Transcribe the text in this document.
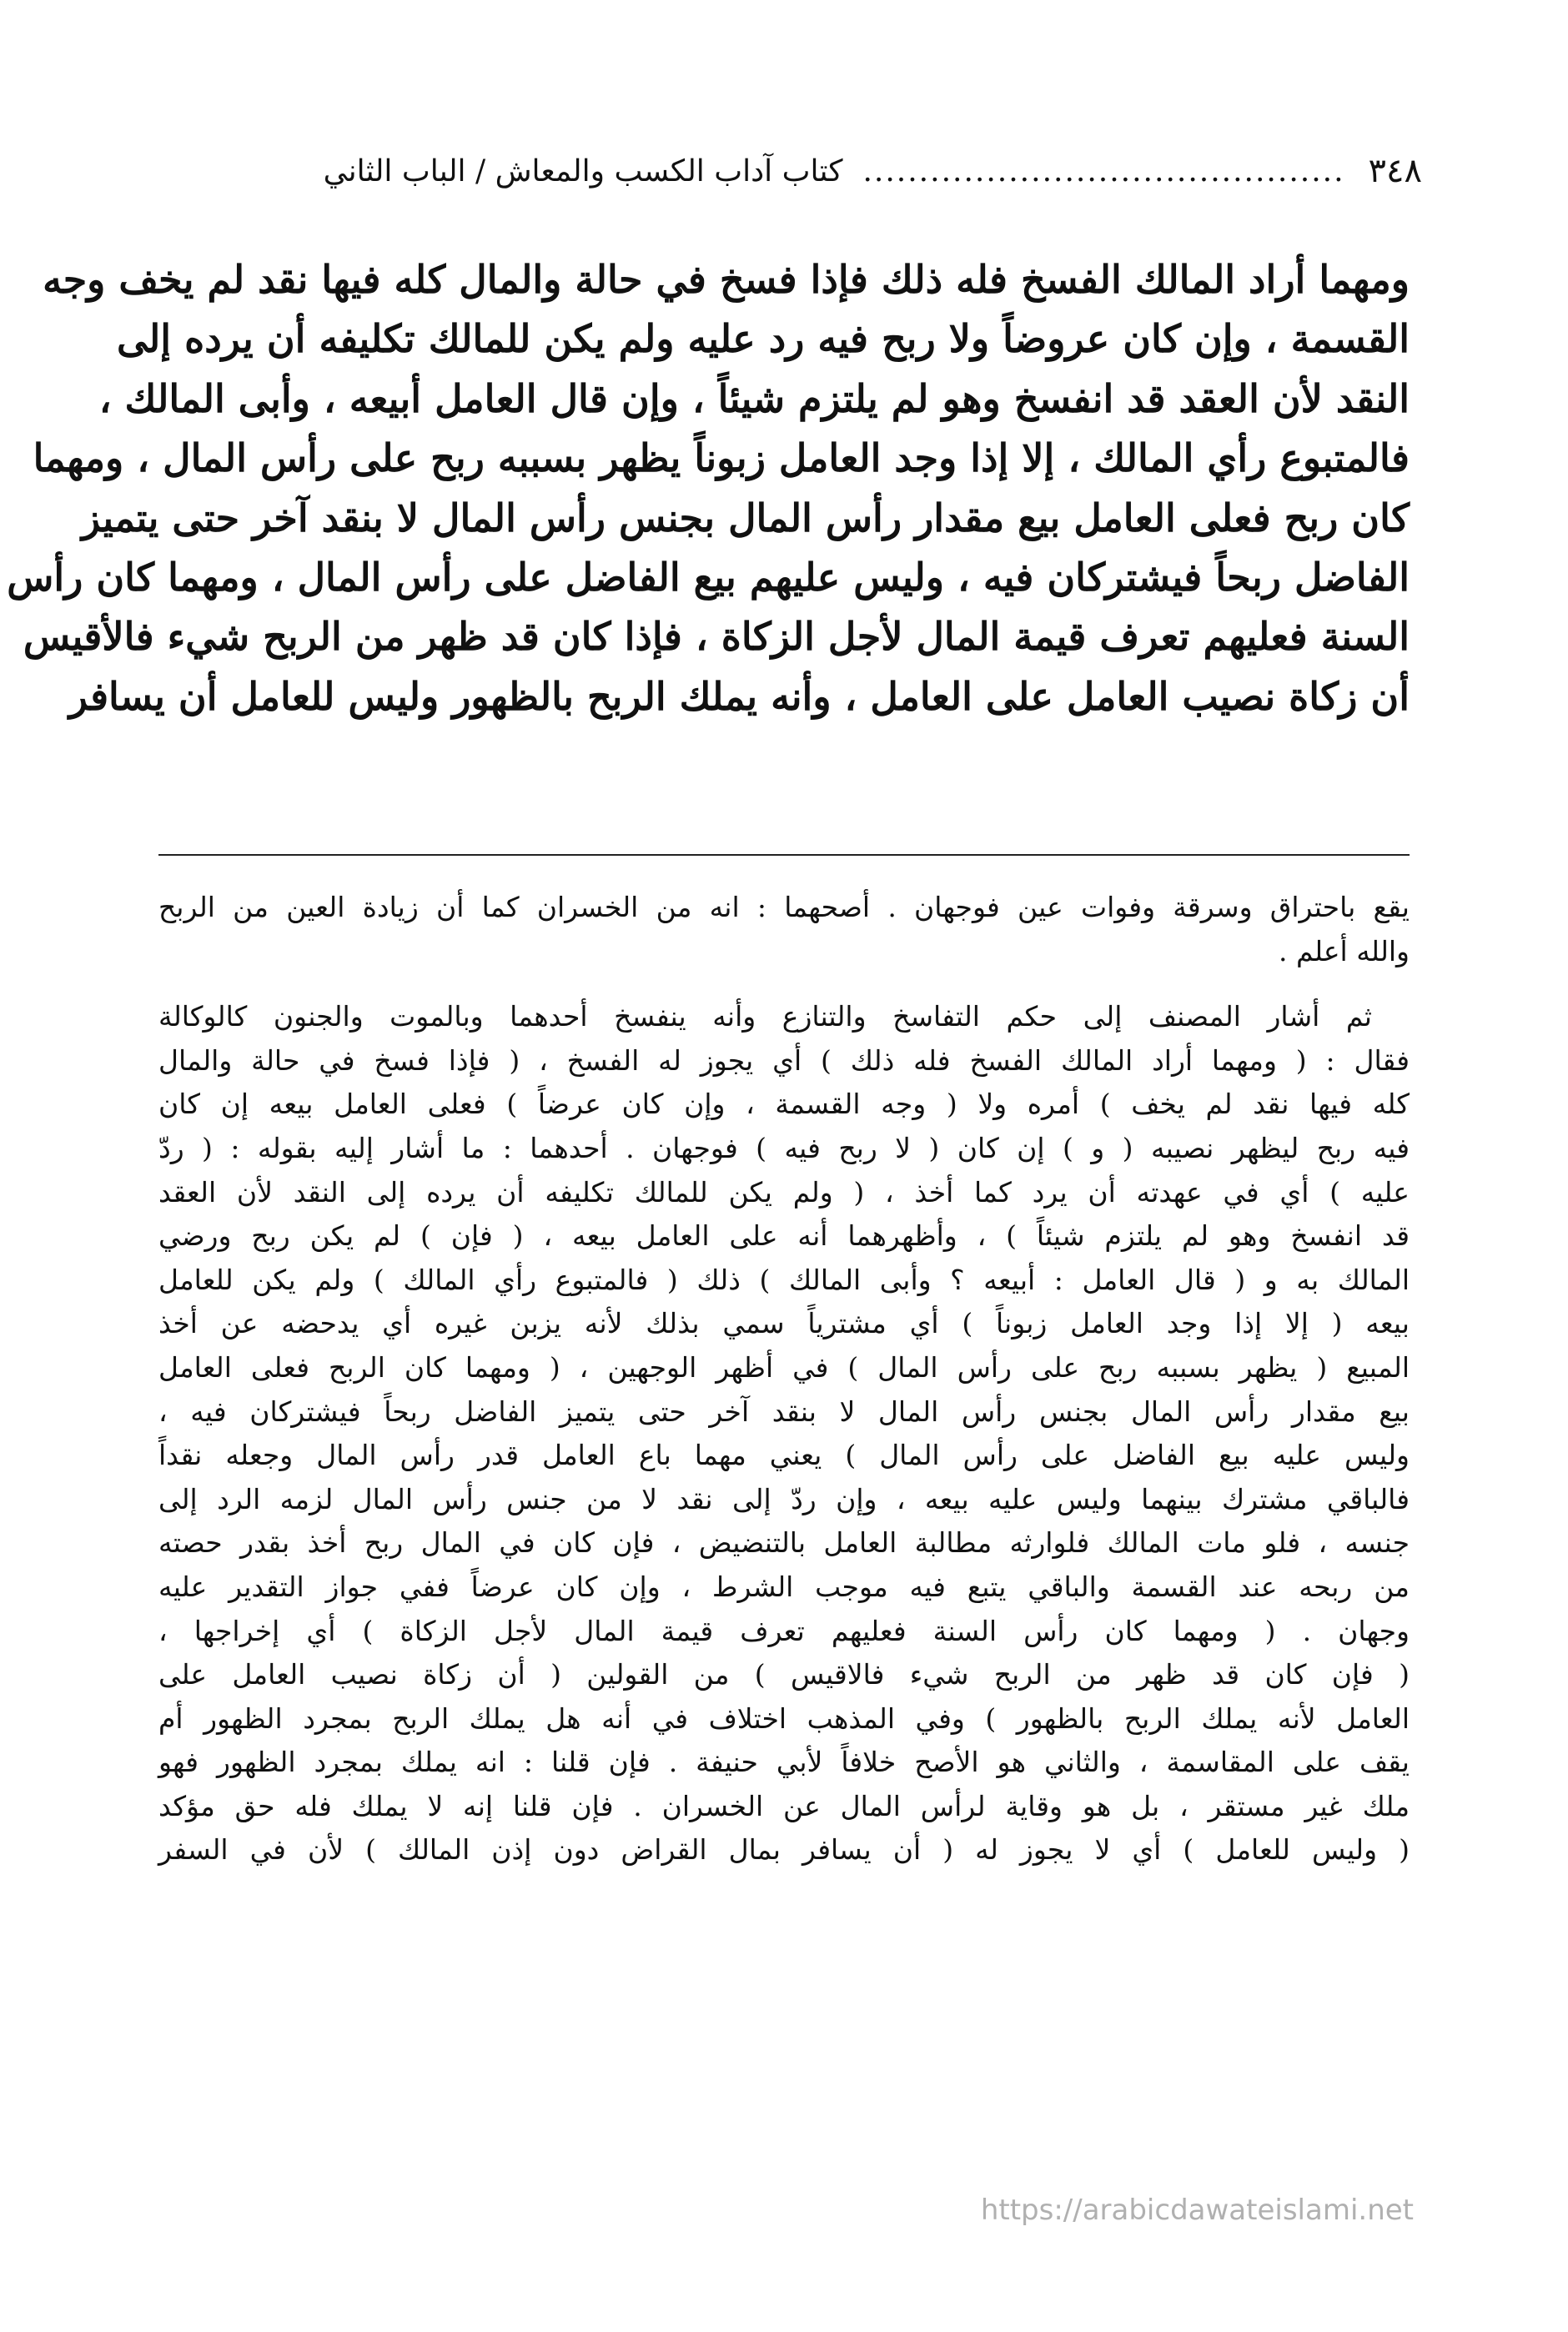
٣٤٨
...........................................
كتاب آداب الكسب والمعاش / الباب الثاني
ومهما أراد المالك الفسخ فله ذلك فإذا فسخ في حالة والمال كله فيها نقد لم يخف وجه
القسمة ، وإن كان عروضاً ولا ربح فيه رد عليه ولم يكن للمالك تكليفه أن يرده إلى
النقد لأن العقد قد انفسخ وهو لم يلتزم شيئاً ، وإن قال العامل أبيعه ، وأبى المالك ،
فالمتبوع رأي المالك ، إلا إذا وجد العامل زبوناً يظهر بسببه ربح على رأس المال ، ومهما
كان ربح فعلى العامل بيع مقدار رأس المال بجنس رأس المال لا بنقد آخر حتى يتميز
الفاضل ربحاً فيشتركان فيه ، وليس عليهم بيع الفاضل على رأس المال ، ومهما كان رأس
السنة فعليهم تعرف قيمة المال لأجل الزكاة ، فإذا كان قد ظهر من الربح شيء فالأقيس
أن زكاة نصيب العامل على العامل ، وأنه يملك الربح بالظهور وليس للعامل أن يسافر
يقع باحتراق وسرقة وفوات عين فوجهان . أصحهما : انه من الخسران كما أن زيادة العين من الربح
والله أعلم .
ثم أشار المصنف إلى حكم التفاسخ والتنازع وأنه ينفسخ أحدهما وبالموت والجنون كالوكالة
فقال : ( ومهما أراد المالك الفسخ فله ذلك ) أي يجوز له الفسخ ، ( فإذا فسخ في حالة والمال
كله فيها نقد لم يخف ) أمره ولا ( وجه القسمة ، وإن كان عرضاً ) فعلى العامل بيعه إن كان
فيه ربح ليظهر نصيبه ( و ) إن كان ( لا ربح فيه ) فوجهان . أحدهما : ما أشار إليه بقوله : ( ردّ
عليه ) أي في عهدته أن يرد كما أخذ ، ( ولم يكن للمالك تكليفه أن يرده إلى النقد لأن العقد
قد انفسخ وهو لم يلتزم شيئاً ) ، وأظهرهما أنه على العامل بيعه ، ( فإن ) لم يكن ربح ورضي
المالك به و ( قال العامل : أبيعه ؟ وأبى المالك ) ذلك ( فالمتبوع رأي المالك ) ولم يكن للعامل
بيعه ( إلا إذا وجد العامل زبوناً ) أي مشترياً سمي بذلك لأنه يزبن غيره أي يدحضه عن أخذ
المبيع ( يظهر بسببه ربح على رأس المال ) في أظهر الوجهين ، ( ومهما كان الربح فعلى العامل
بيع مقدار رأس المال بجنس رأس المال لا بنقد آخر حتى يتميز الفاضل ربحاً فيشتركان فيه ،
وليس عليه بيع الفاضل على رأس المال ) يعني مهما باع العامل قدر رأس المال وجعله نقداً
فالباقي مشترك بينهما وليس عليه بيعه ، وإن ردّ إلى نقد لا من جنس رأس المال لزمه الرد إلى
جنسه ، فلو مات المالك فلوارثه مطالبة العامل بالتنضيض ، فإن كان في المال ربح أخذ بقدر حصته
من ربحه عند القسمة والباقي يتبع فيه موجب الشرط ، وإن كان عرضاً ففي جواز التقدير عليه
وجهان . ( ومهما كان رأس السنة فعليهم تعرف قيمة المال لأجل الزكاة ) أي إخراجها ،
( فإن كان قد ظهر من الربح شيء فالاقيس ) من القولين ( أن زكاة نصيب العامل على
العامل لأنه يملك الربح بالظهور ) وفي المذهب اختلاف في أنه هل يملك الربح بمجرد الظهور أم
يقف على المقاسمة ، والثاني هو الأصح خلافاً لأبي حنيفة . فإن قلنا : انه يملك بمجرد الظهور فهو
ملك غير مستقر ، بل هو وقاية لرأس المال عن الخسران . فإن قلنا إنه لا يملك فله حق مؤكد
( وليس للعامل ) أي لا يجوز له ( أن يسافر بمال القراض دون إذن المالك ) لأن في السفر
https://arabicdawateislami.net
